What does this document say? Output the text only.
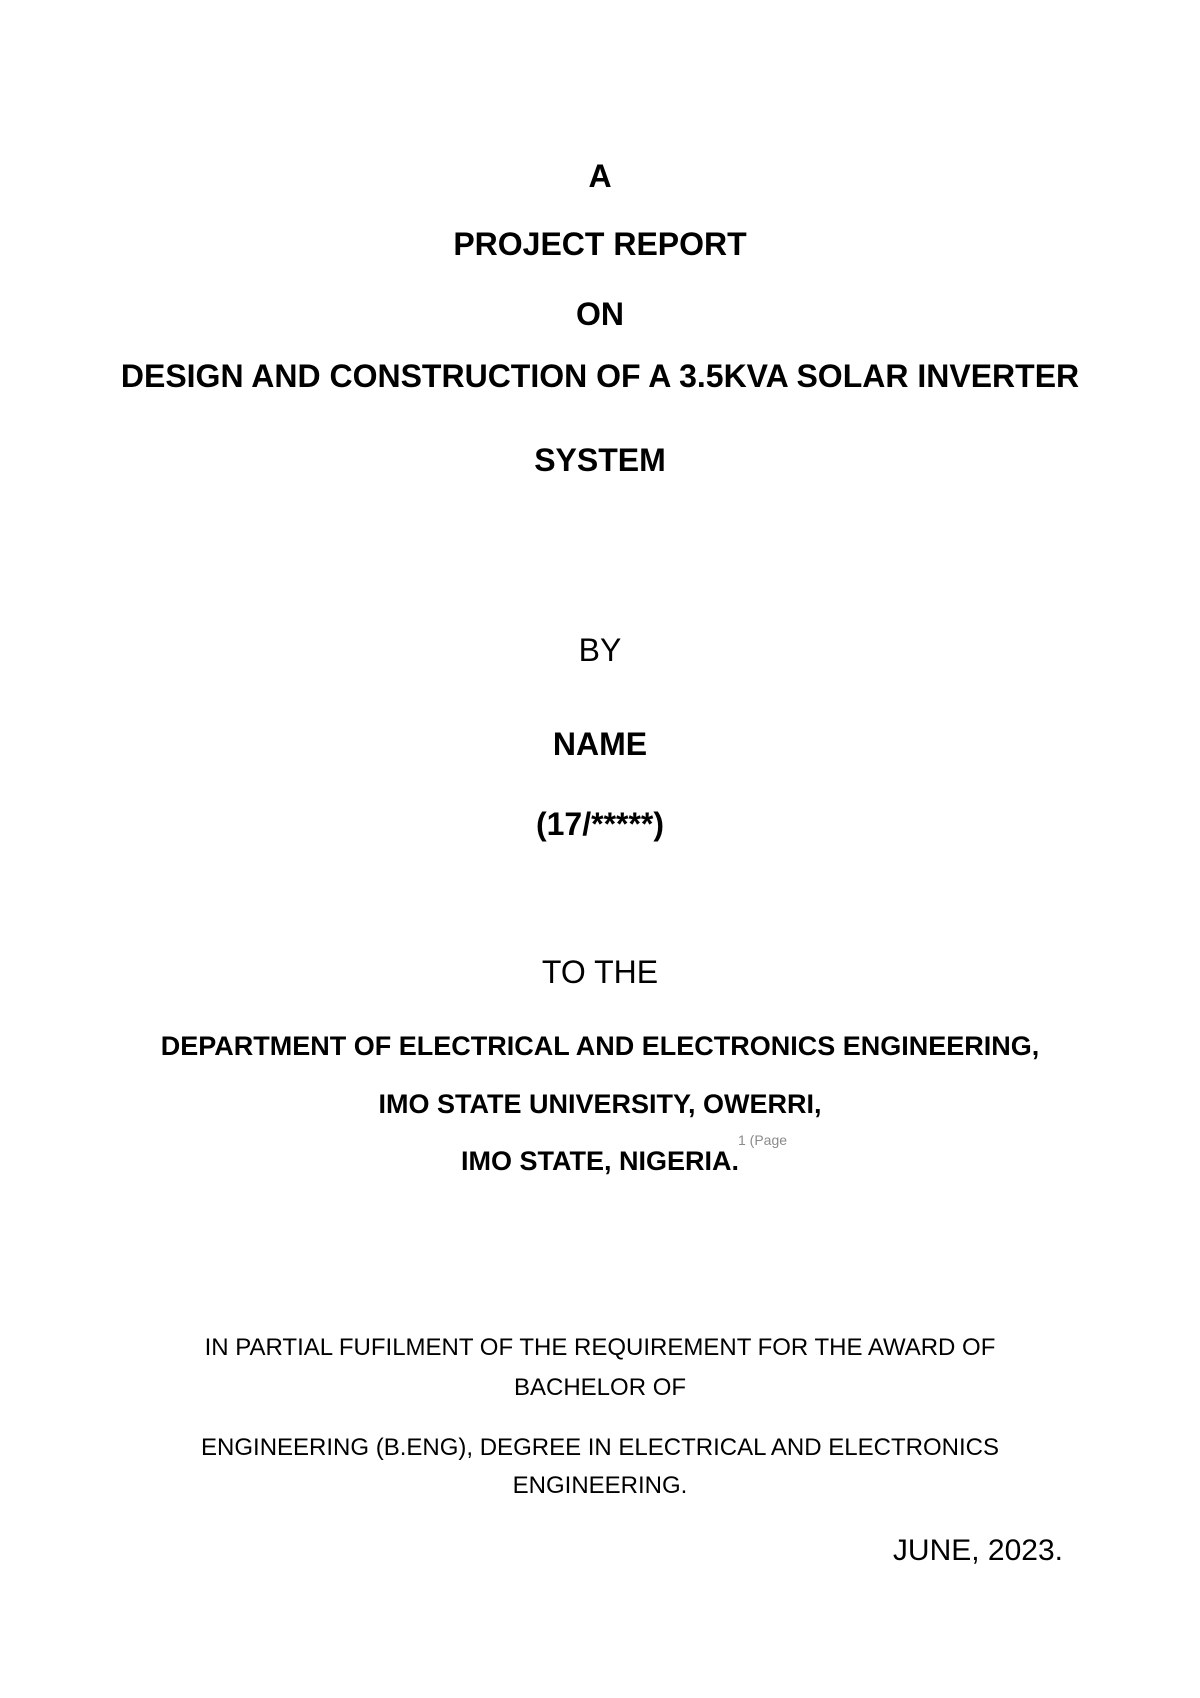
A
PROJECT REPORT
ON
DESIGN AND CONSTRUCTION OF A 3.5KVA SOLAR INVERTER
SYSTEM
BY
NAME
(17/*****)
TO THE
DEPARTMENT OF ELECTRICAL AND ELECTRONICS ENGINEERING,
IMO STATE UNIVERSITY, OWERRI,
IMO STATE, NIGERIA.
1 (Page
IN PARTIAL FUFILMENT OF THE REQUIREMENT FOR THE AWARD OF
BACHELOR OF
ENGINEERING (B.ENG), DEGREE IN ELECTRICAL AND ELECTRONICS
ENGINEERING.
JUNE, 2023.
